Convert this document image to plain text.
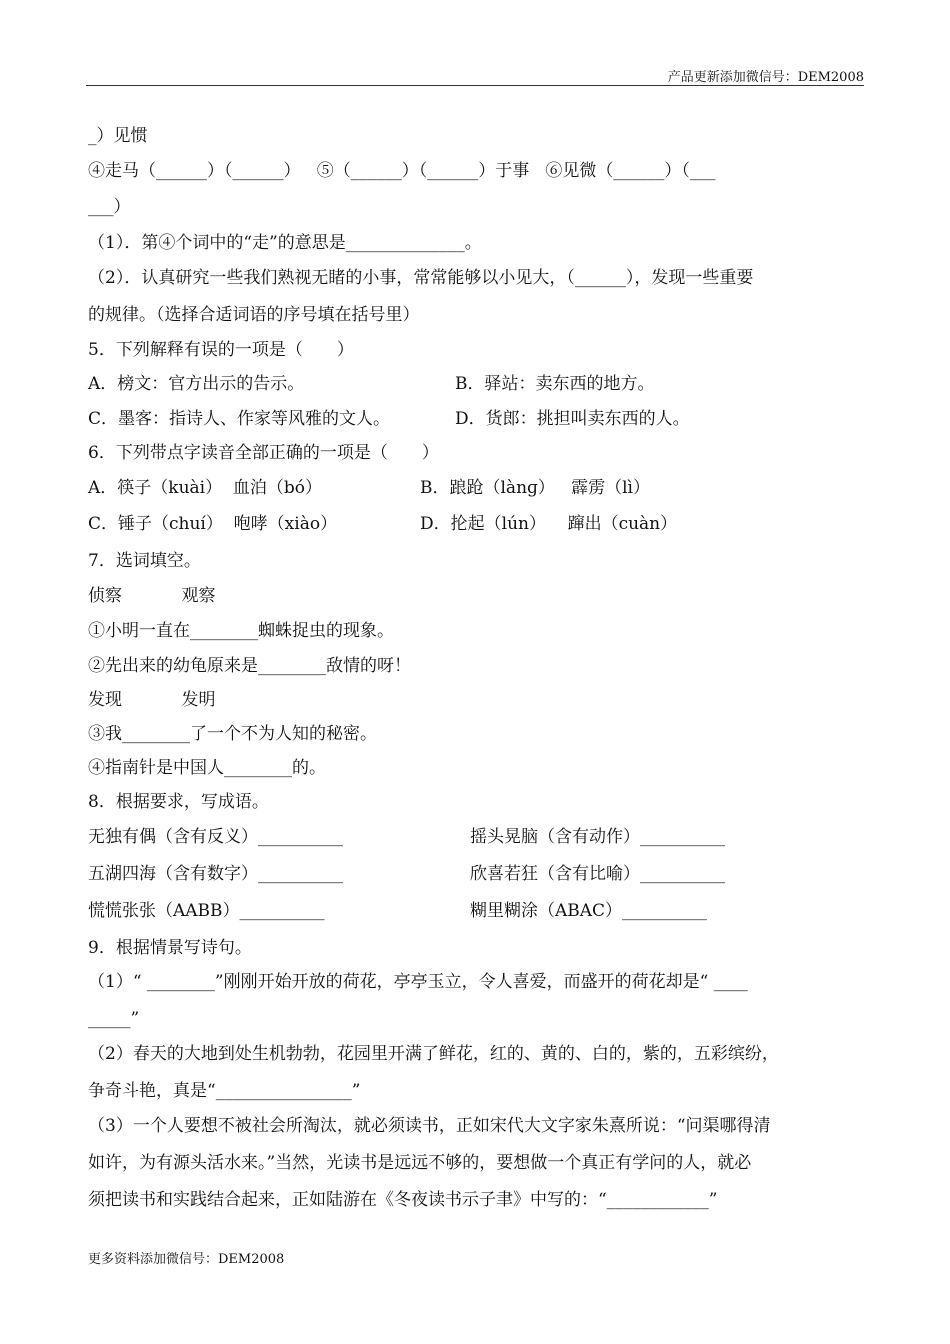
产品更新添加微信号：DEM2008
_）见惯
④走马（______）（______）   ⑤（______）（______）于事   ⑥见微（______）（___
___）
（1）．第④个词中的“走”的意思是______________。
（2）．认真研究一些我们熟视无睹的小事，常常能够以小见大，（______），发现一些重要
的规律。（选择合适词语的序号填在括号里）
5．下列解释有误的一项是（　　）
A．榜文：官方出示的告示。	B．驿站：卖东西的地方。
C．墨客：指诗人、作家等风雅的文人。	D．货郎：挑担叫卖东西的人。
6．下列带点字读音全部正确的一项是（　　）
A．筷子（kuài）  血泊（bó）	B．踉跄（lànɡ）   霹雳（lì）
C．锤子（chuí）  咆哮（xiào）	D．抡起（lún）    蹿出（cuàn）
7．选词填空。
侦察           观察
①小明一直在________蜘蛛捉虫的现象。
②先出来的幼龟原来是________敌情的呀！
发现           发明
③我________了一个不为人知的秘密。
④指南针是中国人________的。
8．根据要求，写成语。
无独有偶（含有反义）__________	摇头晃脑（含有动作）__________
五湖四海（含有数字）__________	欣喜若狂（含有比喻）__________
慌慌张张（AABB）__________	糊里糊涂（ABAC）__________
9．根据情景写诗句。
（1）“ ________”刚刚开始开放的荷花，亭亭玉立，令人喜爱，而盛开的荷花却是“ ____
_____”
（2）春天的大地到处生机勃勃，花园里开满了鲜花，红的、黄的、白的，紫的，五彩缤纷，
争奇斗艳，真是“________________”
（3）一个人要想不被社会所淘汰，就必须读书，正如宋代大文字家朱熹所说：“问渠哪得清
如许，为有源头活水来。”当然，光读书是远远不够的，要想做一个真正有学问的人，就必
须把读书和实践结合起来，正如陆游在《冬夜读书示子聿》中写的：“____________”
更多资料添加微信号：DEM2008
